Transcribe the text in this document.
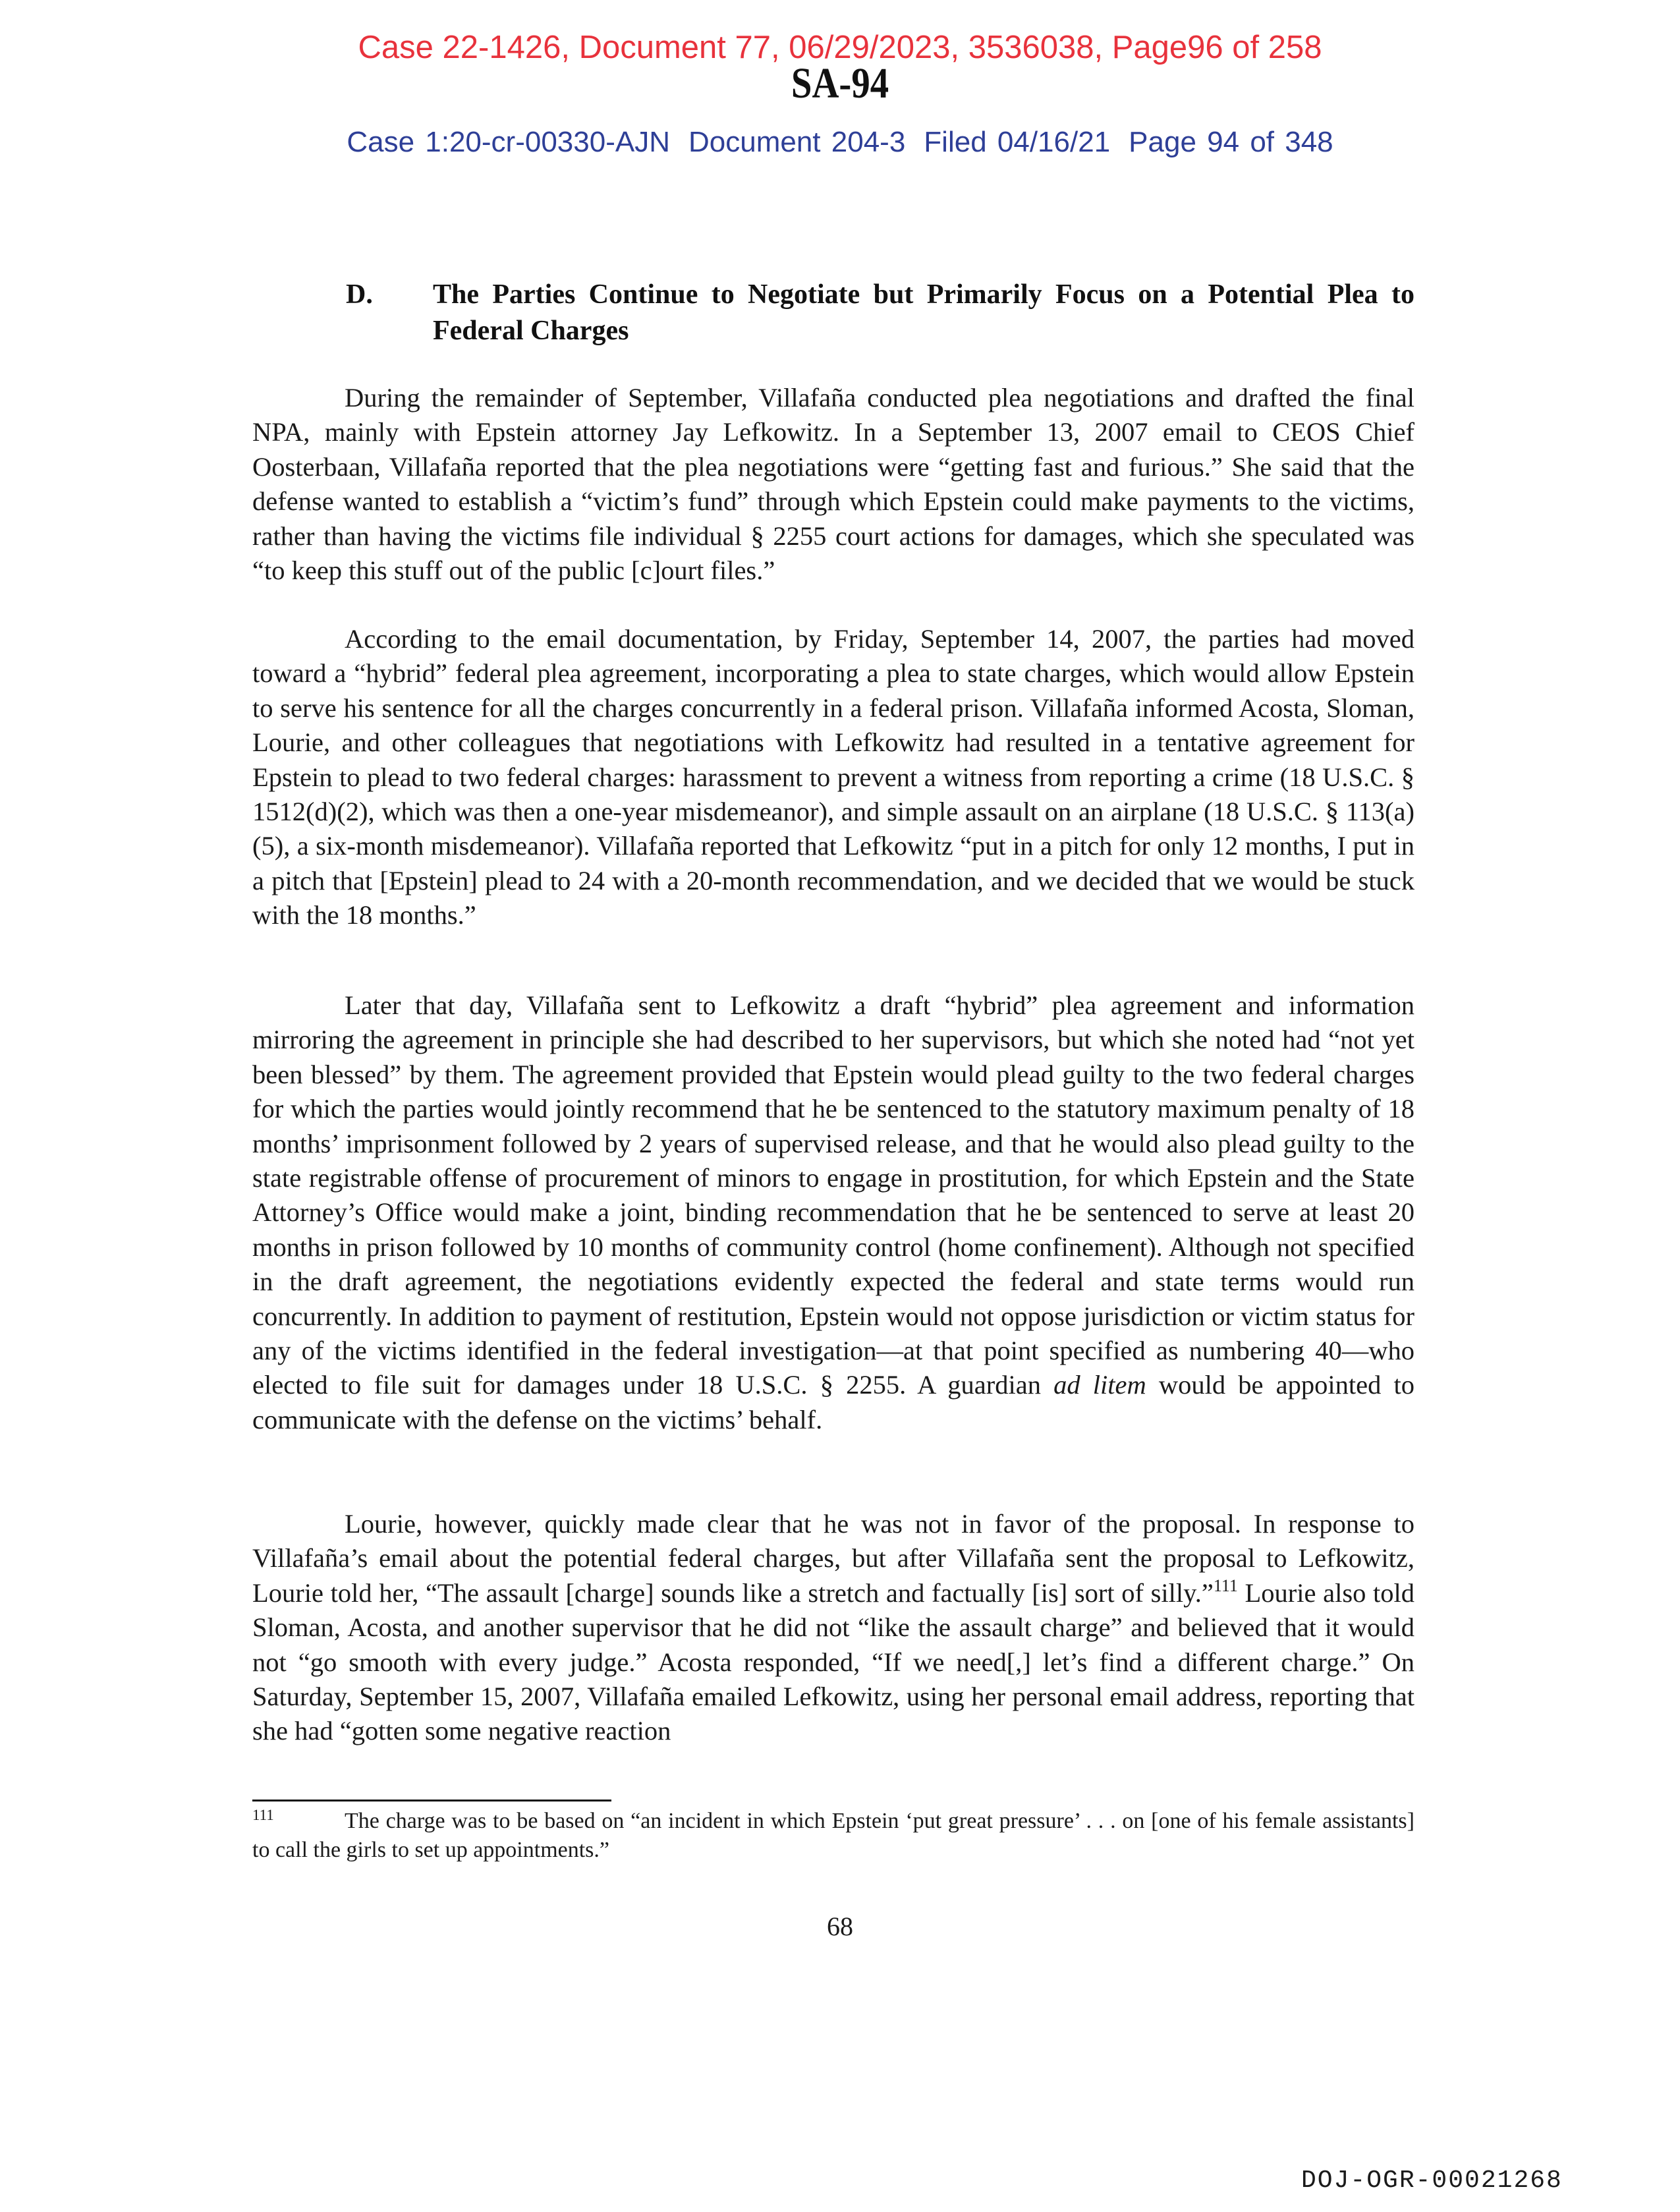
Case 22-1426, Document 77, 06/29/2023, 3536038, Page96 of 258
SA-94
Case 1:20-cr-00330-AJN Document 204-3 Filed 04/16/21 Page 94 of 348
D. The Parties Continue to Negotiate but Primarily Focus on a Potential Plea to Federal Charges

During the remainder of September, Villafaña conducted plea negotiations and drafted the final NPA, mainly with Epstein attorney Jay Lefkowitz. In a September 13, 2007 email to CEOS Chief Oosterbaan, Villafaña reported that the plea negotiations were “getting fast and furious.” She said that the defense wanted to establish a “victim’s fund” through which Epstein could make payments to the victims, rather than having the victims file individual § 2255 court actions for damages, which she speculated was “to keep this stuff out of the public [c]ourt files.”

According to the email documentation, by Friday, September 14, 2007, the parties had moved toward a “hybrid” federal plea agreement, incorporating a plea to state charges, which would allow Epstein to serve his sentence for all the charges concurrently in a federal prison. Villafaña informed Acosta, Sloman, Lourie, and other colleagues that negotiations with Lefkowitz had resulted in a tentative agreement for Epstein to plead to two federal charges: harassment to prevent a witness from reporting a crime (18 U.S.C. § 1512(d)(2), which was then a one-year misdemeanor), and simple assault on an airplane (18 U.S.C. § 113(a)(5), a six-month misdemeanor). Villafaña reported that Lefkowitz “put in a pitch for only 12 months, I put in a pitch that [Epstein] plead to 24 with a 20-month recommendation, and we decided that we would be stuck with the 18 months.”

Later that day, Villafaña sent to Lefkowitz a draft “hybrid” plea agreement and information mirroring the agreement in principle she had described to her supervisors, but which she noted had “not yet been blessed” by them. The agreement provided that Epstein would plead guilty to the two federal charges for which the parties would jointly recommend that he be sentenced to the statutory maximum penalty of 18 months’ imprisonment followed by 2 years of supervised release, and that he would also plead guilty to the state registrable offense of procurement of minors to engage in prostitution, for which Epstein and the State Attorney’s Office would make a joint, binding recommendation that he be sentenced to serve at least 20 months in prison followed by 10 months of community control (home confinement). Although not specified in the draft agreement, the negotiations evidently expected the federal and state terms would run concurrently. In addition to payment of restitution, Epstein would not oppose jurisdiction or victim status for any of the victims identified in the federal investigation—at that point specified as numbering 40—who elected to file suit for damages under 18 U.S.C. § 2255. A guardian ad litem would be appointed to communicate with the defense on the victims’ behalf.

Lourie, however, quickly made clear that he was not in favor of the proposal. In response to Villafaña’s email about the potential federal charges, but after Villafaña sent the proposal to Lefkowitz, Lourie told her, “The assault [charge] sounds like a stretch and factually [is] sort of silly.”$^{111}$ Lourie also told Sloman, Acosta, and another supervisor that he did not “like the assault charge” and believed that it would not “go smooth with every judge.” Acosta responded, “If we need[,] let’s find a different charge.” On Saturday, September 15, 2007, Villafaña emailed Lefkowitz, using her personal email address, reporting that she had “gotten some negative reaction

111	The charge was to be based on “an incident in which Epstein ‘put great pressure’ . . . on [one of his female assistants] to call the girls to set up appointments.”
68
DOJ-OGR-00021268
